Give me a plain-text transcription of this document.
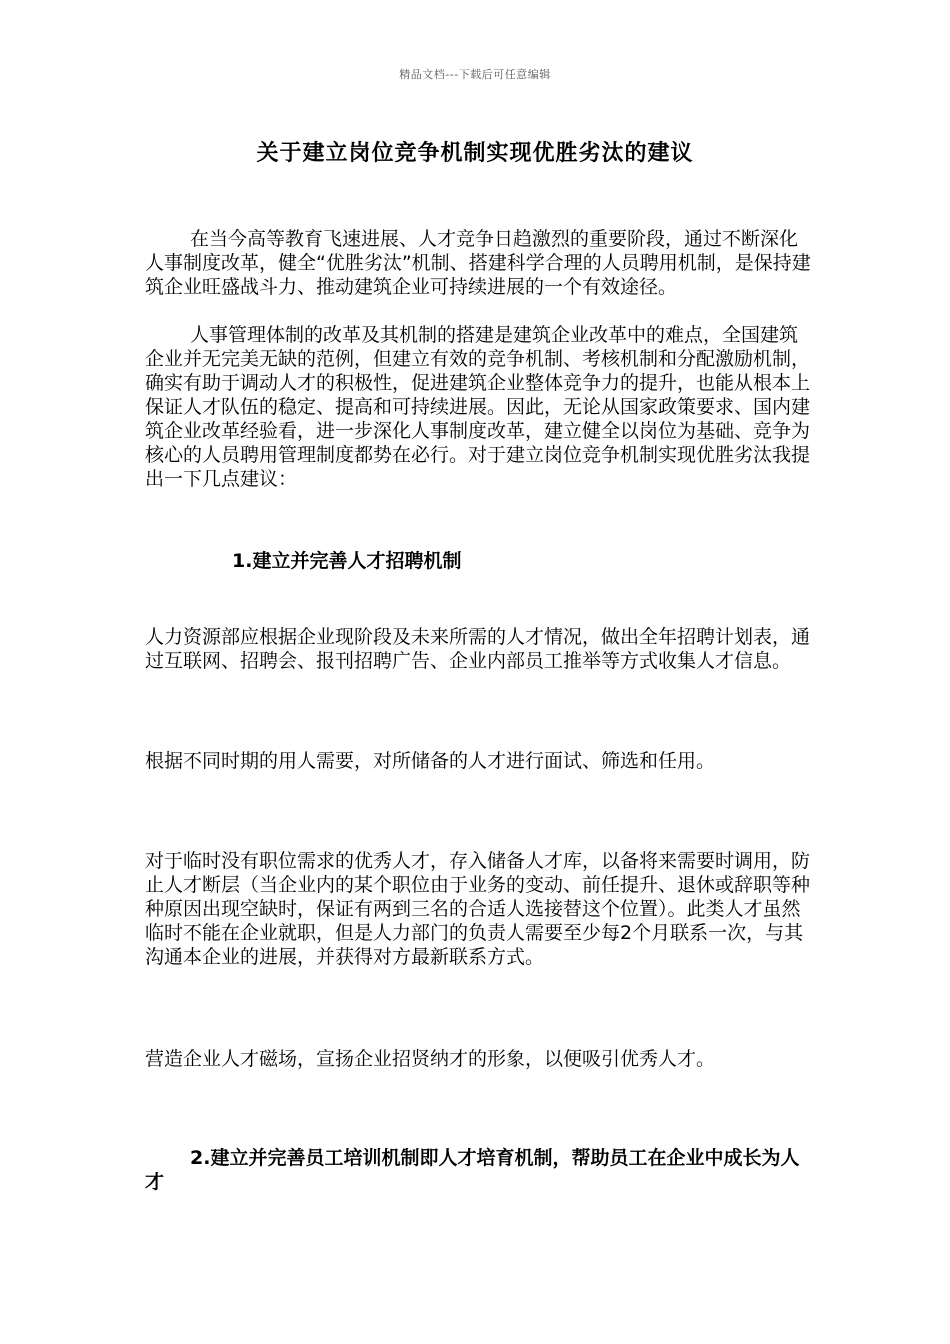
精品文档---下载后可任意编辑
关于建立岗位竞争机制实现优胜劣汰的建议

在当今高等教育飞速进展、人才竞争日趋激烈的重要阶段，通过不断深化人事制度改革，健全“优胜劣汰”机制、搭建科学合理的人员聘用机制，是保持建筑企业旺盛战斗力、推动建筑企业可持续进展的一个有效途径。

人事管理体制的改革及其机制的搭建是建筑企业改革中的难点，全国建筑企业并无完美无缺的范例，但建立有效的竞争机制、考核机制和分配激励机制，确实有助于调动人才的积极性，促进建筑企业整体竞争力的提升，也能从根本上保证人才队伍的稳定、提高和可持续进展。因此，无论从国家政策要求、国内建筑企业改革经验看，进一步深化人事制度改革，建立健全以岗位为基础、竞争为核心的人员聘用管理制度都势在必行。对于建立岗位竞争机制实现优胜劣汰我提出一下几点建议：

1.建立并完善人才招聘机制

人力资源部应根据企业现阶段及未来所需的人才情况，做出全年招聘计划表，通过互联网、招聘会、报刊招聘广告、企业内部员工推举等方式收集人才信息。

根据不同时期的用人需要，对所储备的人才进行面试、筛选和任用。

对于临时没有职位需求的优秀人才，存入储备人才库，以备将来需要时调用，防止人才断层（当企业内的某个职位由于业务的变动、前任提升、退休或辞职等种种原因出现空缺时，保证有两到三名的合适人选接替这个位置）。此类人才虽然临时不能在企业就职，但是人力部门的负责人需要至少每2个月联系一次，与其沟通本企业的进展，并获得对方最新联系方式。

营造企业人才磁场，宣扬企业招贤纳才的形象，以便吸引优秀人才。

2.建立并完善员工培训机制即人才培育机制，帮助员工在企业中成长为人才
